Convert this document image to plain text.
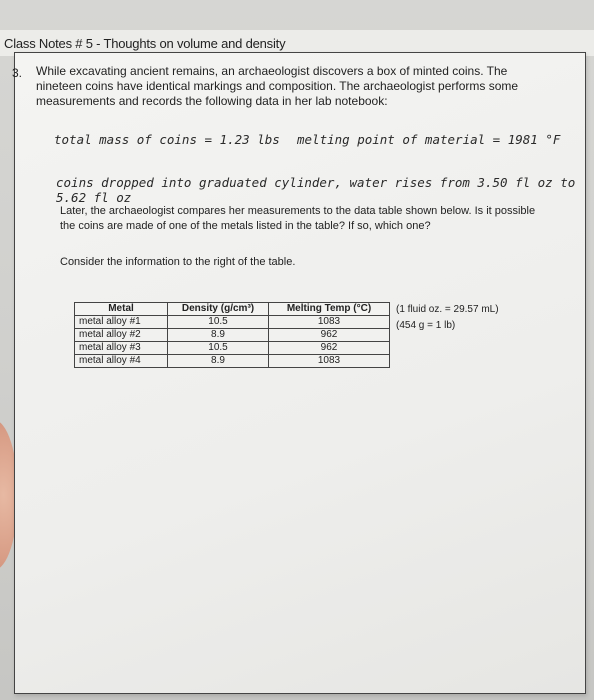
Class Notes # 5 - Thoughts on volume and density
3. While excavating ancient remains, an archaeologist discovers a box of minted coins. The nineteen coins have identical markings and composition. The archaeologist performs some measurements and records the following data in her lab notebook:
total mass of coins = 1.23 lbs melting point of material = 1981 °F
coins dropped into graduated cylinder, water rises from 3.50 fl oz to 5.62 fl oz
Later, the archaeologist compares her measurements to the data table shown below. Is it possible the coins are made of one of the metals listed in the table? If so, which one?
Consider the information to the right of the table.
Metal	Density (g/cm³)	Melting Temp (°C)
metal alloy #1	10.5	1083
metal alloy #2	8.9	962
metal alloy #3	10.5	962
metal alloy #4	8.9	1083
(1 fluid oz. = 29.57 mL)
(454 g = 1 lb)
